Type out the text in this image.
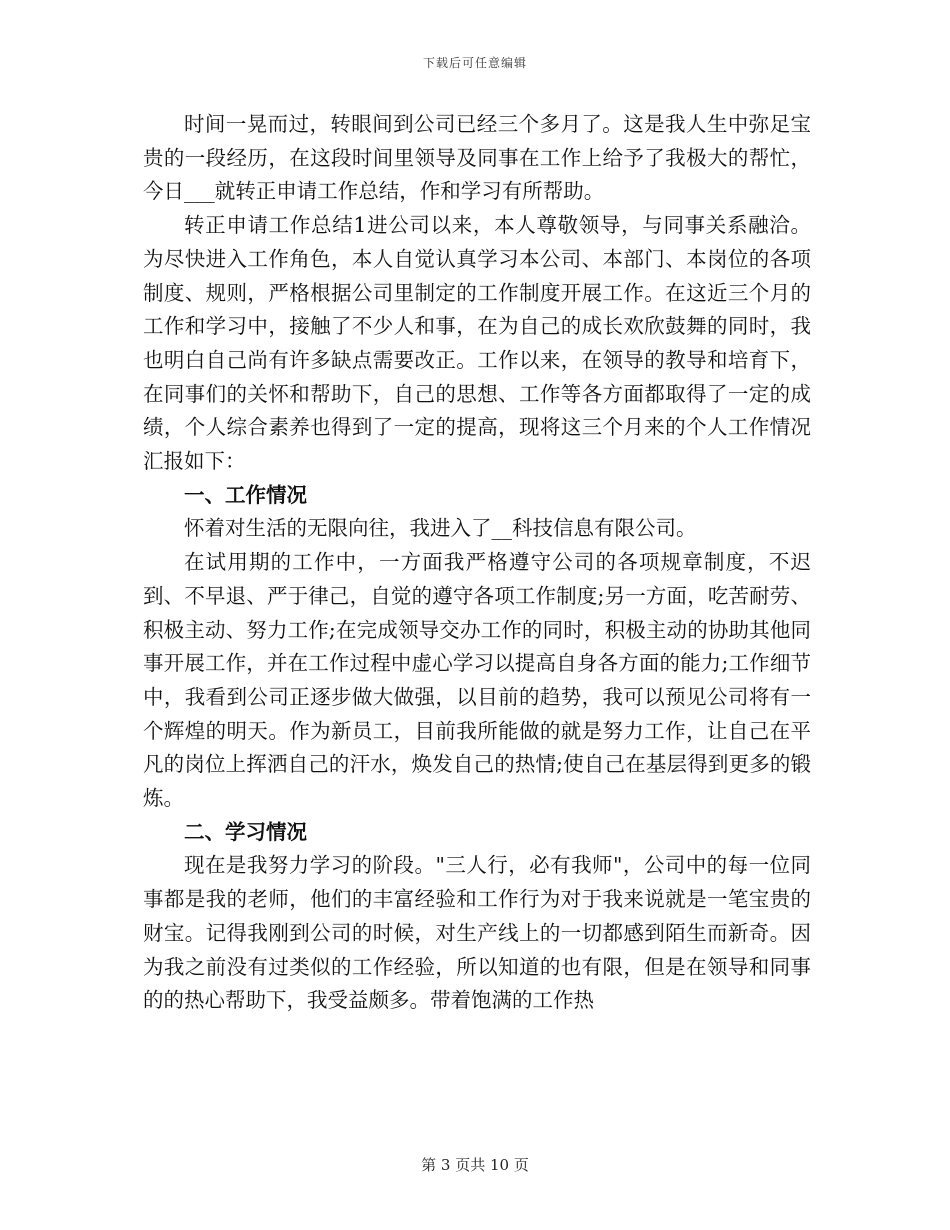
下载后可任意编辑

时间一晃而过，转眼间到公司已经三个多月了。这是我人生中弥足宝贵的一段经历，在这段时间里领导及同事在工作上给予了我极大的帮忙，今日___就转正申请工作总结，作和学习有所帮助。

转正申请工作总结1进公司以来，本人尊敬领导，与同事关系融洽。为尽快进入工作角色，本人自觉认真学习本公司、本部门、本岗位的各项制度、规则，严格根据公司里制定的工作制度开展工作。在这近三个月的工作和学习中，接触了不少人和事，在为自己的成长欢欣鼓舞的同时，我也明白自己尚有许多缺点需要改正。工作以来，在领导的教导和培育下，在同事们的关怀和帮助下，自己的思想、工作等各方面都取得了一定的成绩，个人综合素养也得到了一定的提高，现将这三个月来的个人工作情况汇报如下：

一、工作情况

怀着对生活的无限向往，我进入了__科技信息有限公司。

在试用期的工作中，一方面我严格遵守公司的各项规章制度，不迟到、不早退、严于律己，自觉的遵守各项工作制度;另一方面，吃苦耐劳、积极主动、努力工作;在完成领导交办工作的同时，积极主动的协助其他同事开展工作，并在工作过程中虚心学习以提高自身各方面的能力;工作细节中，我看到公司正逐步做大做强，以目前的趋势，我可以预见公司将有一个辉煌的明天。作为新员工，目前我所能做的就是努力工作，让自己在平凡的岗位上挥洒自己的汗水，焕发自己的热情;使自己在基层得到更多的锻炼。

二、学习情况

现在是我努力学习的阶段。"三人行，必有我师"，公司中的每一位同事都是我的老师，他们的丰富经验和工作行为对于我来说就是一笔宝贵的财宝。记得我刚到公司的时候，对生产线上的一切都感到陌生而新奇。因为我之前没有过类似的工作经验，所以知道的也有限，但是在领导和同事的的热心帮助下，我受益颇多。带着饱满的工作热

第 3 页共 10 页
